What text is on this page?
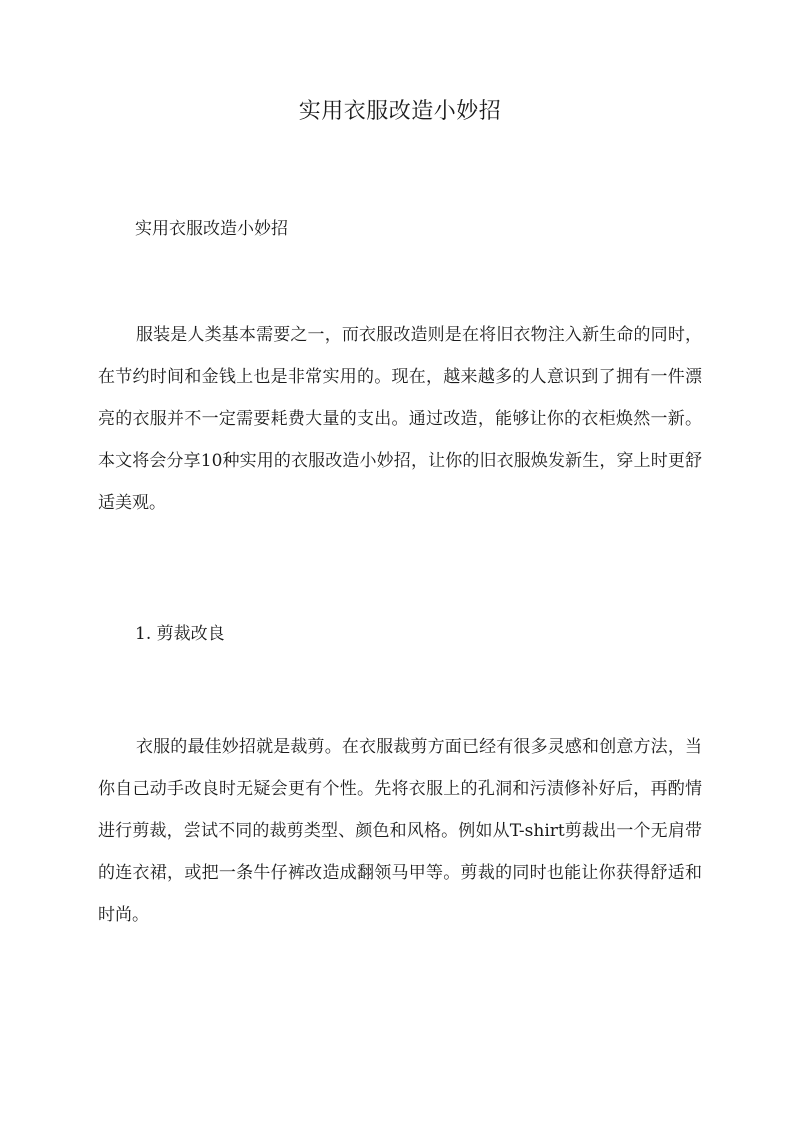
实用衣服改造小妙招

实用衣服改造小妙招

服装是人类基本需要之一，而衣服改造则是在将旧衣物注入新生命的同时，在节约时间和金钱上也是非常实用的。现在，越来越多的人意识到了拥有一件漂亮的衣服并不一定需要耗费大量的支出。通过改造，能够让你的衣柜焕然一新。本文将会分享10种实用的衣服改造小妙招，让你的旧衣服焕发新生，穿上时更舒适美观。

1. 剪裁改良

衣服的最佳妙招就是裁剪。在衣服裁剪方面已经有很多灵感和创意方法，当你自己动手改良时无疑会更有个性。先将衣服上的孔洞和污渍修补好后，再酌情进行剪裁，尝试不同的裁剪类型、颜色和风格。例如从T-shirt剪裁出一个无肩带的连衣裙，或把一条牛仔裤改造成翻领马甲等。剪裁的同时也能让你获得舒适和时尚。
